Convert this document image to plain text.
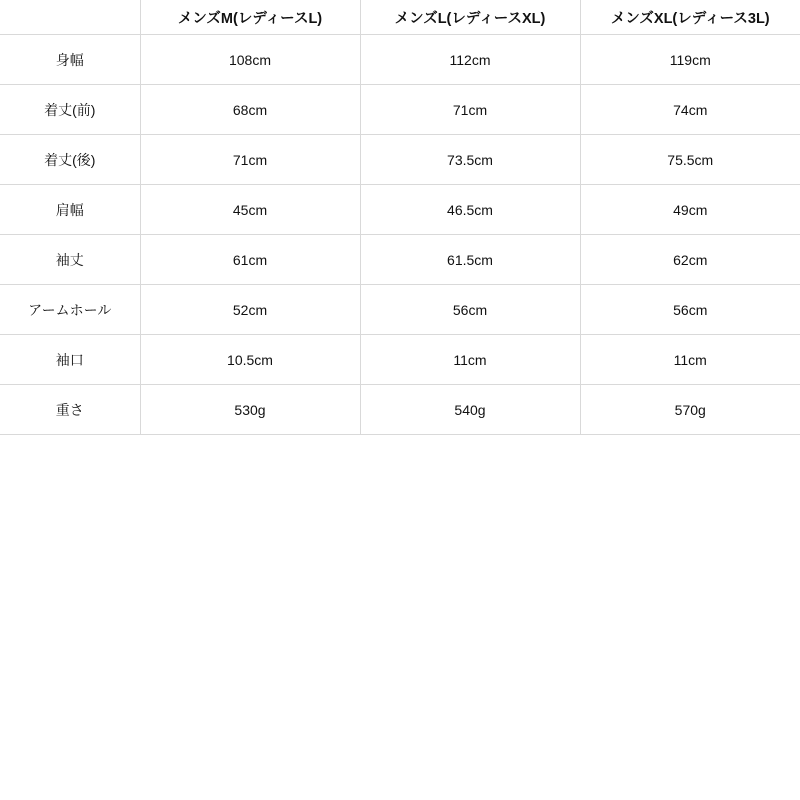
	メンズM(レディースL)	メンズL(レディースXL)	メンズXL(レディース3L)
身幅	108cm	112cm	119cm
着丈(前)	68cm	71cm	74cm
着丈(後)	71cm	73.5cm	75.5cm
肩幅	45cm	46.5cm	49cm
袖丈	61cm	61.5cm	62cm
アームホール	52cm	56cm	56cm
袖口	10.5cm	11cm	11cm
重さ	530g	540g	570g
